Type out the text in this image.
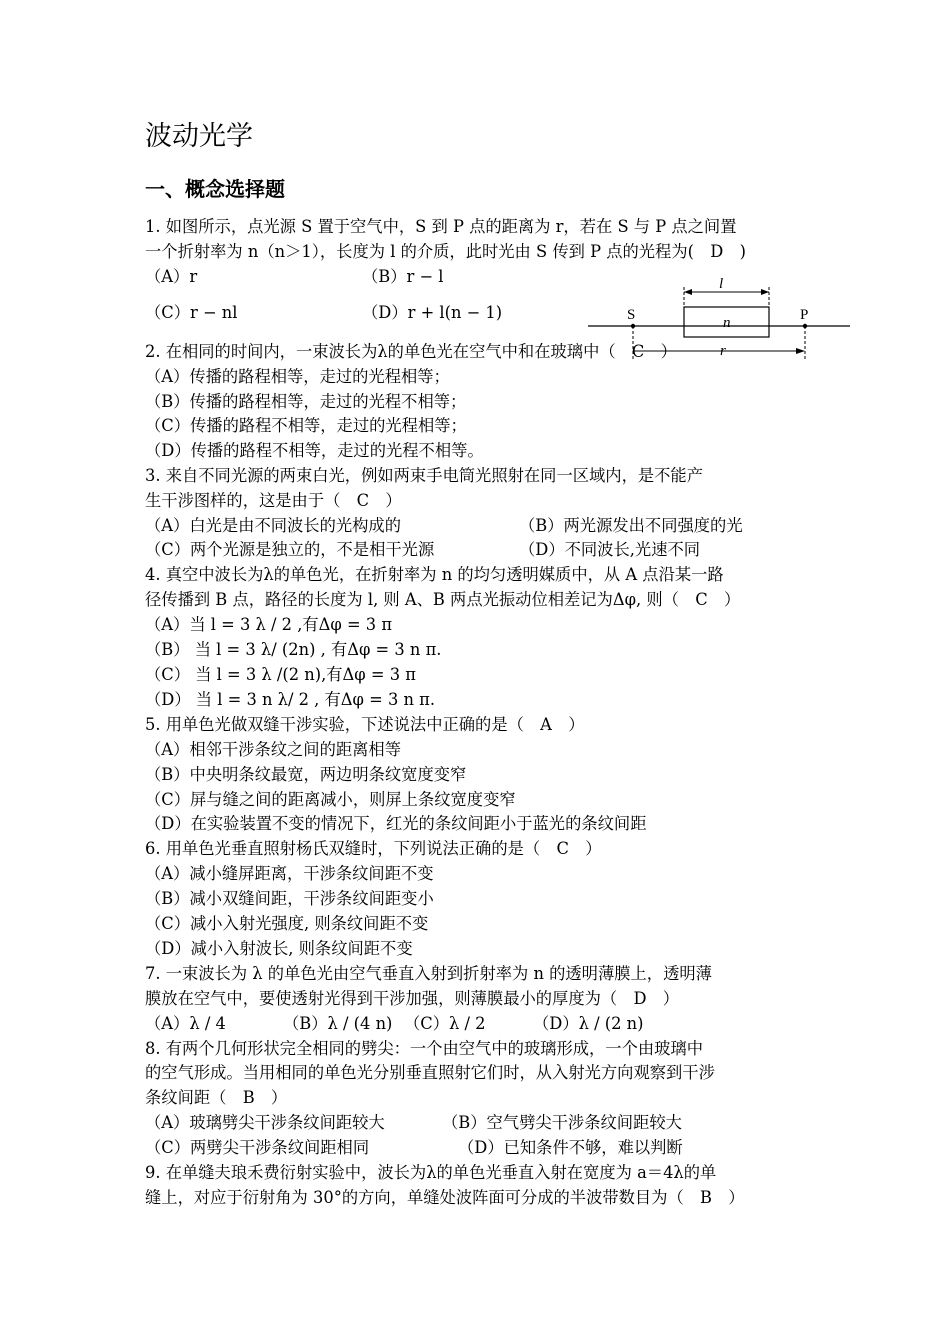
波动光学
一、概念选择题
1. 如图所示，点光源 S 置于空气中，S 到 P 点的距离为 r，若在 S 与 P 点之间置
一个折射率为 n（n＞1），长度为 l 的介质，此时光由 S 传到 P 点的光程为(　D　)
（A）r	（B）r − l
（C）r − nl	（D）r + l(n − 1)
l
n
S	P
r
2. 在相同的时间内，一束波长为λ的单色光在空气中和在玻璃中（　C　）
（A）传播的路程相等，走过的光程相等；
（B）传播的路程相等，走过的光程不相等；
（C）传播的路程不相等，走过的光程相等；
（D）传播的路程不相等，走过的光程不相等。
3. 来自不同光源的两束白光，例如两束手电筒光照射在同一区域内，是不能产
生干涉图样的，这是由于（　C　）
（A）白光是由不同波长的光构成的	（B）两光源发出不同强度的光
（C）两个光源是独立的，不是相干光源	（D）不同波长,光速不同
4. 真空中波长为λ的单色光，在折射率为 n 的均匀透明媒质中，从 A 点沿某一路
径传播到 B 点，路径的长度为 l, 则 A、B 两点光振动位相差记为Δφ, 则（　C　）
（A）当 l = 3 λ / 2 ,有Δφ = 3 π
（B） 当 l = 3 λ/ (2n) , 有Δφ = 3 n π.
（C） 当 l = 3 λ /(2 n),有Δφ = 3 π
（D） 当 l = 3 n λ/ 2 , 有Δφ = 3 n π.
5. 用单色光做双缝干涉实验，下述说法中正确的是（　A　）
（A）相邻干涉条纹之间的距离相等
（B）中央明条纹最宽，两边明条纹宽度变窄
（C）屏与缝之间的距离减小，则屏上条纹宽度变窄
（D）在实验装置不变的情况下，红光的条纹间距小于蓝光的条纹间距
6. 用单色光垂直照射杨氏双缝时，下列说法正确的是（　C　）
（A）减小缝屏距离，干涉条纹间距不变
（B）减小双缝间距，干涉条纹间距变小
（C）减小入射光强度, 则条纹间距不变
（D）减小入射波长, 则条纹间距不变
7. 一束波长为 λ 的单色光由空气垂直入射到折射率为 n 的透明薄膜上，透明薄
膜放在空气中，要使透射光得到干涉加强，则薄膜最小的厚度为（　D　）
（A）λ / 4	（B）λ / (4 n) （C）λ / 2	（D）λ / (2 n)
8. 有两个几何形状完全相同的劈尖：一个由空气中的玻璃形成，一个由玻璃中
的空气形成。当用相同的单色光分别垂直照射它们时，从入射光方向观察到干涉
条纹间距（　B　）
（A）玻璃劈尖干涉条纹间距较大	（B）空气劈尖干涉条纹间距较大
（C）两劈尖干涉条纹间距相同	（D）已知条件不够，难以判断
9. 在单缝夫琅禾费衍射实验中，波长为λ的单色光垂直入射在宽度为 a＝4λ的单
缝上，对应于衍射角为 30°的方向，单缝处波阵面可分成的半波带数目为（　B　）
